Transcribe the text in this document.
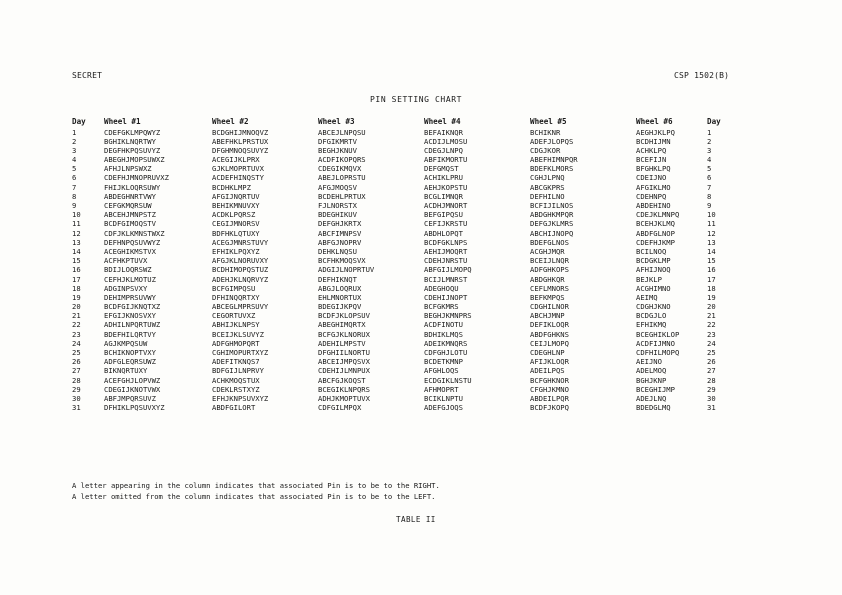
SECRET	CSP 1502(B)
PIN SETTING CHART
Day Wheel #1	Wheel #2	Wheel #3	Wheel #4	Wheel #5	Wheel #6	Day
1	CDEFGKLMPQWYZ	BCDGHIJMNOQVZ	ABCEJLNPQSU	BEFAIKNQR	BCHIKNR	AEGHJKLPQ	1
2	BGHIKLNQRTWY	ABEFHKLPRSTUX	DFGIKMRTV	ACDIJLMOSU	ADEFJLOPQS	BCDHIJMN	2
3	DEGFHKPQSUVYZ	DFGHMNOQSUVYZ	BEGHJKNUV	CDEGJLNPQ	CDGJKOR	ACHKLPQ	3
4	ABEGHJMOPSUWXZ	ACEGIJKLPRX	ACDFIKOPQRS	ABFIKMORTU	ABEFHIMNPQR	BCEFIJN	4
5	AFHJLNPSWXZ	GJKLMOPRTUVX	CDEGIKMQVX	DEFGMQST	BDEFKLMORS	BFGHKLPQ	5
6	CDEFHJMNOPRUVXZ	ACDEFHINQSTY	ABEJLOPRSTU	ACHIKLPRU	CGHJLPNQ	CDEIJNO	6
7	FHIJKLOQRSUWY	BCDHKLMPZ	AFGJMOQSV	AEHJKOPSTU	ABCGKPRS	AFGIKLMO	7
8	ABDEGHNRTVWY	AFGIJNQRTUV	BCDEHLPRTUX	BCGLIMNQR	DEFHILNO	CDEHNPQ	8
9	CEFGKMQRSUW	BEHIKMNUVXY	FJLNORSTX	ACDHJMNORT	BCFIJILNOS	ABDEHINO	9
10	ABCEHJMNPSTZ	ACDKLPQRSZ	BDEGHIKUV	BEFGIPQSU	ABDGHKMPQR	CDEJKLMNPQ	10
11	BCDFGIMOQSTV	CEGIJMNORSV	DEFGHJKRTX	CEFIJKRSTU	DEFGJKLMRS	BCEHJKLMQ	11
12	CDFJKLKMNSTWXZ	BDFHKLQTUXY	ABCFIMNPSV	ABDHLOPQT	ABCHIJNOPQ	ABDFGLNOP	12
13	DEFHNPQSUVWYZ	ACEGJMNRSTUVY	ABFGJNOPRV	BCDFGKLNPS	BDEFGLNOS	CDEFHJKMP	13
14	ACEGHIKMSTVX	EFHIKLPQXYZ	DEHKLNQSU	AEHIJMOQRT	ACGHJMQR	BCILNOQ	14
15	ACFHKPTUVX	AFGJKLNORUVXY	BCFHKMOQSVX	CDEHJNRSTU	BCEIJLNQR	BCDGKLMP	15
16	BDIJLOQRSWZ	BCDHIMOPQSTUZ	ADGIJLNOPRTUV	ABFGIJLMOPQ	ADFGHKOPS	AFHIJNOQ	16
17	CEFHJKLMOTUZ	ADEHJKLNQRVYZ	DEFHIKNQT	BCIJLMNRST	ABDGHKQR	BEJKLP	17
18	ADGINPSVXY	BCFGIMPQSU	ABGJLOQRUX	ADEGHOQU	CEFLMNORS	ACGHIMNO	18
19	DEHIMPRSUVWY	DFHINQQRTXY	EHLMNORTUX	CDEHIJNOPT	BEFKMPQS	AEIMQ	19
20	BCDFGIJKNQTXZ	ABCEGLMPRSUVY	BDEGIJKPQV	BCFGKMRS	CDGHILNOR	CDGHJKNO	20
21	EFGIJKNOSVXY	CEGORTUVXZ	BCDFJKLOPSUV	BEGHJKMNPRS	ABCHJMNP	BCDGJLO	21
22	ADHILNPQRTUWZ	ABHIJKLNPSY	ABEGHIMQRTX	ACDFINOTU	DEFIKLOQR	EFHIKMQ	22
23	BDEFHILQRTVY	BCEIJKLSUVYZ	BCFGJKLNORUX	BDHIKLMQS	ABDFGHKNS	BCEGHIKLOP	23
24	AGJKMPQSUW	ADFGHMOPQRT	ADEHILMPSTV	ADEIKMNQRS	CEIJLMOPQ	ACDFIJMNO	24
25	BCHIKNOPTVXY	CGHIMOPURTXYZ	DFGHIILNORTU	CDFGHJLOTU	CDEGHLNP	CDFHILMOPQ	25
26	ADFGLEQRSUWZ	ADEFITKNQS7	ABCEIJMPQSVX	BCDETKMNP	AFIJKLOQR	AEIJNO	26
27	BIKNQRTUXY	BDFGIJLNPRVY	CDEHIJLMNPUX	AFGHLOQS	ADEILPQS	ADELMOQ	27
28	ACEFGHJLOPVWZ	ACHKMOQSTUX	ABCFGJKOQST	ECDGIKLNSTU	BCFGHKNOR	BGHJKNP	28
29	CDEGIJKNOTVWX	CDEKLRSTXYZ	BCEGIKLNPQRS	AFHMOPRT	CFGHJKMNO	BCEGHIJMP	29
30	ABFJMPQRSUVZ	EFHJKNPSUVXYZ	ADHJKMOPTUVX	BCIKLNPTU	ABDEILPQR	ADEJLNQ	30
31	DFHIKLPQSUVXYZ	ABDFGILORT	CDFGILMPQX	ADEFGJOQS	BCDFJKOPQ	BDEDGLMQ	31
A letter appearing in the column indicates that associated Pin is to be to the RIGHT.
A letter omitted from the column indicates that associated Pin is to be to the LEFT.
TABLE II
